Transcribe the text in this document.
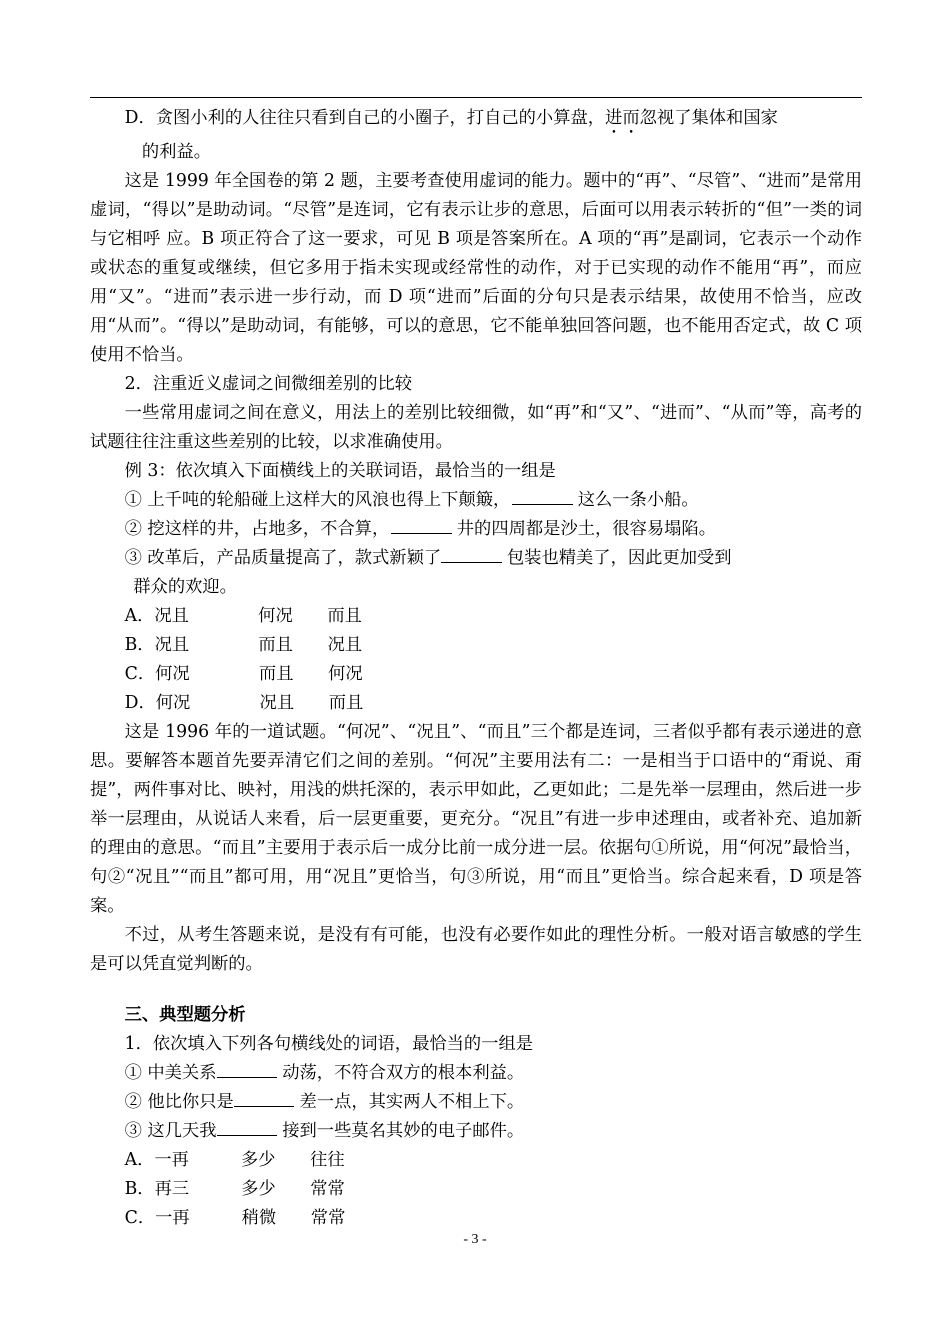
D．贪图小利的人往往只看到自己的小圈子，打自己的小算盘，进而忽视了集体和国家

的利益。

这是 1999 年全国卷的第 2 题，主要考查使用虚词的能力。题中的“再”、“尽管”、“进而”是常用虚词，“得以”是助动词。“尽管”是连词，它有表示让步的意思，后面可以用表示转折的“但”一类的词与它相呼 应。B 项正符合了这一要求，可见 B 项是答案所在。A 项的“再”是副词，它表示一个动作或状态的重复或继续，但它多用于指未实现或经常性的动作，对于已实现的动作不能用“再”，而应用“又”。“进而”表示进一步行动，而 D 项“进而”后面的分句只是表示结果，故使用不恰当，应改用“从而”。“得以”是助动词，有能够，可以的意思，它不能单独回答问题，也不能用否定式，故 C 项使用不恰当。

2．注重近义虚词之间微细差别的比较

一些常用虚词之间在意义，用法上的差别比较细微，如“再”和“又”、“进而”、“从而”等，高考的试题往往注重这些差别的比较，以求准确使用。

例 3：依次填入下面横线上的关联词语，最恰当的一组是

① 上千吨的轮船碰上这样大的风浪也得上下颠簸，	这么一条小船。

② 挖这样的井，占地多，不合算，	井的四周都是沙土，很容易塌陷。

③ 改革后，产品质量提高了，款式新颖了	包装也精美了，因此更加受到

群众的欢迎。

A．况且	何况 而且

B．况且	而且 况且

C．何况	而且 何况

D．何况	况且 而且

这是 1996 年的一道试题。“何况”、“况且”、“而且”三个都是连词，三者似乎都有表示递进的意思。要解答本题首先要弄清它们之间的差别。“何况”主要用法有二：一是相当于口语中的“甭说、甭提”，两件事对比、映衬，用浅的烘托深的，表示甲如此，乙更如此；二是先举一层理由，然后进一步举一层理由，从说话人来看，后一层更重要，更充分。“况且”有进一步申述理由，或者补充、追加新的理由的意思。“而且”主要用于表示后一成分比前一成分进一层。依据句①所说，用“何况”最恰当，句②“况且”“而且”都可用，用“况且”更恰当，句③所说，用“而且”更恰当。综合起来看，D 项是答案。

不过，从考生答题来说，是没有有可能，也没有必要作如此的理性分析。一般对语言敏感的学生是可以凭直觉判断的。

三、典型题分析

1．依次填入下列各句横线处的词语，最恰当的一组是

① 中美关系	动荡，不符合双方的根本利益。

② 他比你只是	差一点，其实两人不相上下。

③ 这几天我	接到一些莫名其妙的电子邮件。

A．一再	多少 往往

B．再三	多少 常常

C．一再	稍微 常常

- 3 -
